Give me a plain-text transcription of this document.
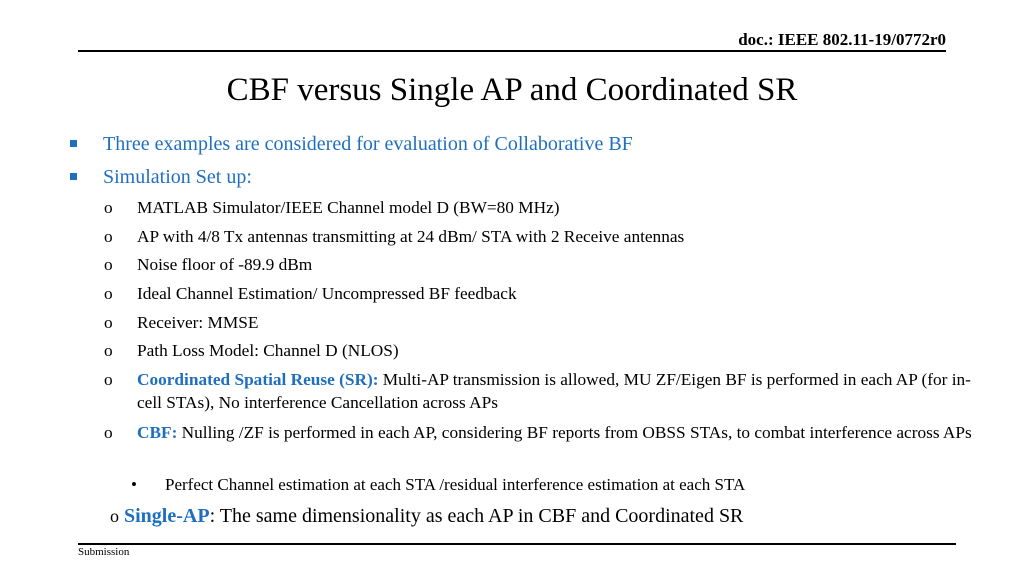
doc.: IEEE 802.11-19/0772r0
CBF versus Single AP and Coordinated SR
Three examples are considered for evaluation of Collaborative BF
Simulation Set up:
o MATLAB Simulator/IEEE Channel model D (BW=80 MHz)
o AP with 4/8 Tx antennas transmitting at 24 dBm/ STA with 2 Receive antennas
o Noise floor of -89.9 dBm
o Ideal Channel Estimation/ Uncompressed BF feedback
o Receiver: MMSE
o Path Loss Model: Channel D (NLOS)
o Coordinated Spatial Reuse (SR): Multi-AP transmission is allowed, MU ZF/Eigen BF is performed in each AP (for in-cell STAs), No interference Cancellation across APs
o CBF: Nulling /ZF is performed in each AP, considering BF reports from OBSS STAs, to combat interference across APs
• Perfect Channel estimation at each STA /residual interference estimation at each STA
o Single-AP: The same dimensionality as each AP in CBF and Coordinated SR
Submission
